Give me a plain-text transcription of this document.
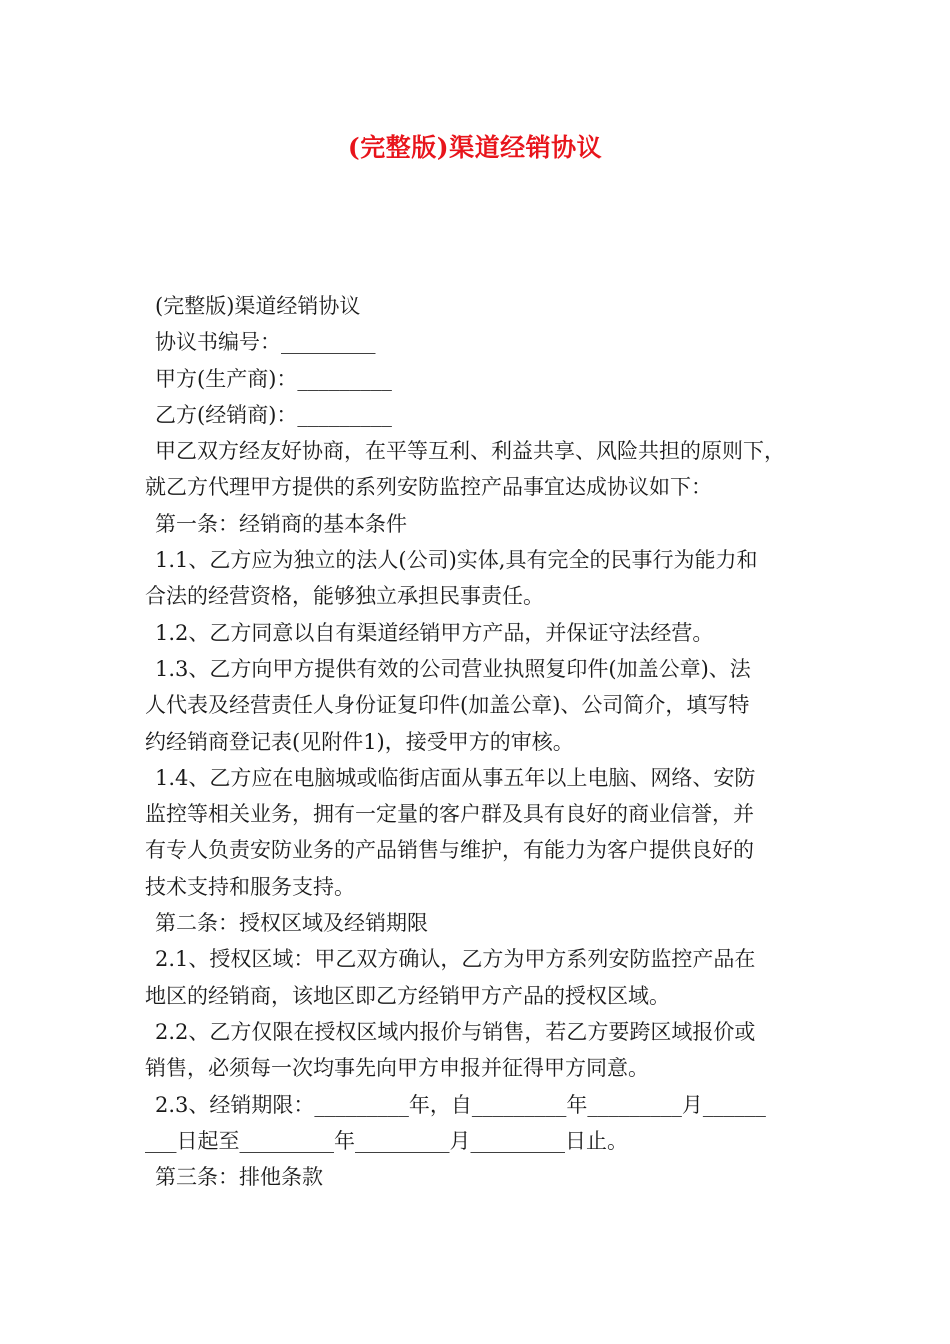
(完整版)渠道经销协议
(完整版)渠道经销协议
协议书编号：_________
甲方(生产商)：_________
乙方(经销商)：_________
甲乙双方经友好协商，在平等互利、利益共享、风险共担的原则下，
就乙方代理甲方提供的系列安防监控产品事宜达成协议如下：
第一条：经销商的基本条件
1.1、乙方应为独立的法人(公司)实体,具有完全的民事行为能力和
合法的经营资格，能够独立承担民事责任。
1.2、乙方同意以自有渠道经销甲方产品，并保证守法经营。
1.3、乙方向甲方提供有效的公司营业执照复印件(加盖公章)、法
人代表及经营责任人身份证复印件(加盖公章)、公司简介，填写特
约经销商登记表(见附件1)，接受甲方的审核。
1.4、乙方应在电脑城或临街店面从事五年以上电脑、网络、安防
监控等相关业务，拥有一定量的客户群及具有良好的商业信誉，并
有专人负责安防业务的产品销售与维护，有能力为客户提供良好的
技术支持和服务支持。
第二条：授权区域及经销期限
2.1、授权区域：甲乙双方确认，乙方为甲方系列安防监控产品在
地区的经销商，该地区即乙方经销甲方产品的授权区域。
2.2、乙方仅限在授权区域内报价与销售，若乙方要跨区域报价或
销售，必须每一次均事先向甲方申报并征得甲方同意。
2.3、经销期限：_________年，自_________年_________月______
___日起至_________年_________月_________日止。
第三条：排他条款
